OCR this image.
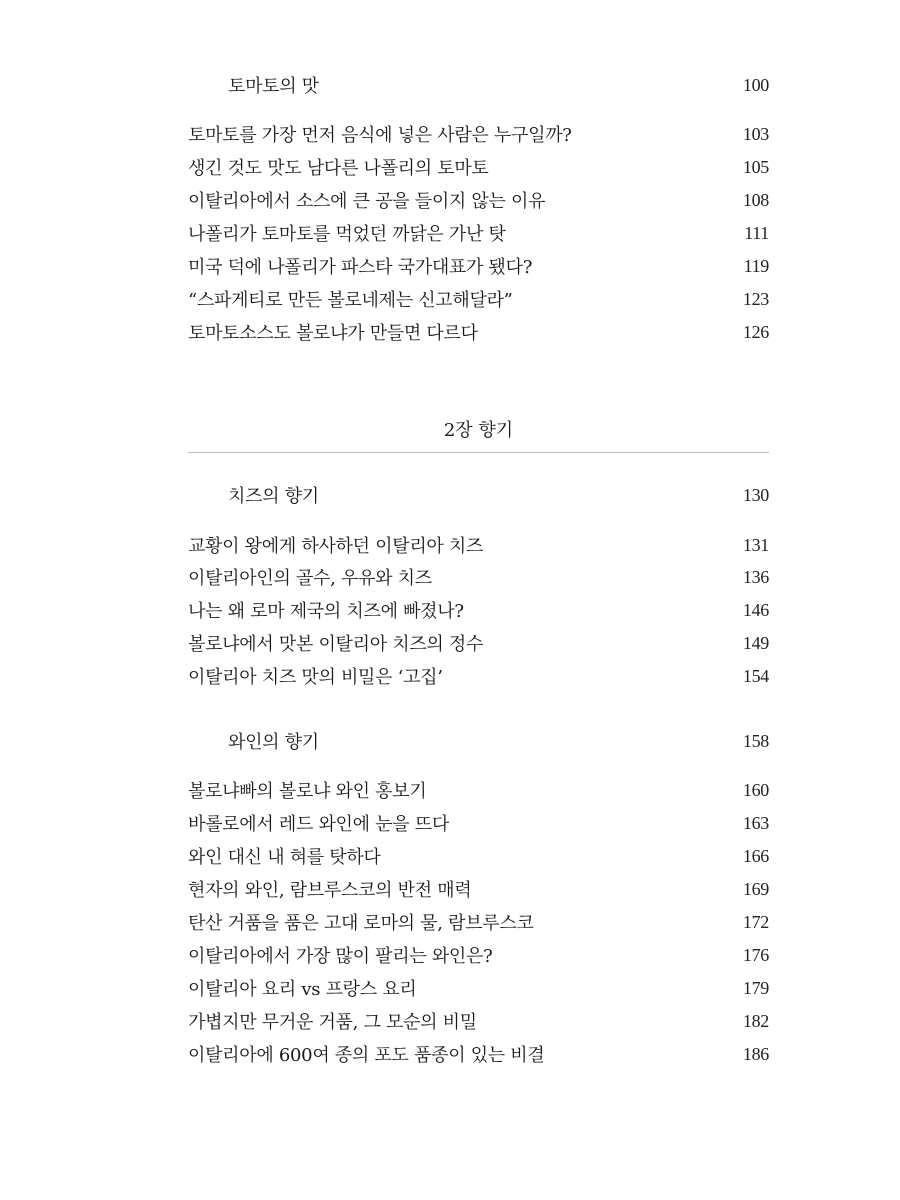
토마토의 맛	100
토마토를 가장 먼저 음식에 넣은 사람은 누구일까?	103
생긴 것도 맛도 남다른 나폴리의 토마토	105
이탈리아에서 소스에 큰 공을 들이지 않는 이유	108
나폴리가 토마토를 먹었던 까닭은 가난 탓	111
미국 덕에 나폴리가 파스타 국가대표가 됐다?	119
“스파게티로 만든 볼로네제는 신고해달라”	123
토마토소스도 볼로냐가 만들면 다르다	126
2장 향기
치즈의 향기	130
교황이 왕에게 하사하던 이탈리아 치즈	131
이탈리아인의 골수, 우유와 치즈	136
나는 왜 로마 제국의 치즈에 빠졌나?	146
볼로냐에서 맛본 이탈리아 치즈의 정수	149
이탈리아 치즈 맛의 비밀은 ‘고집’	154
와인의 향기	158
볼로냐빠의 볼로냐 와인 홍보기	160
바롤로에서 레드 와인에 눈을 뜨다	163
와인 대신 내 혀를 탓하다	166
현자의 와인, 람브루스코의 반전 매력	169
탄산 거품을 품은 고대 로마의 물, 람브루스코	172
이탈리아에서 가장 많이 팔리는 와인은?	176
이탈리아 요리 vs 프랑스 요리	179
가볍지만 무거운 거품, 그 모순의 비밀	182
이탈리아에 600여 종의 포도 품종이 있는 비결	186
